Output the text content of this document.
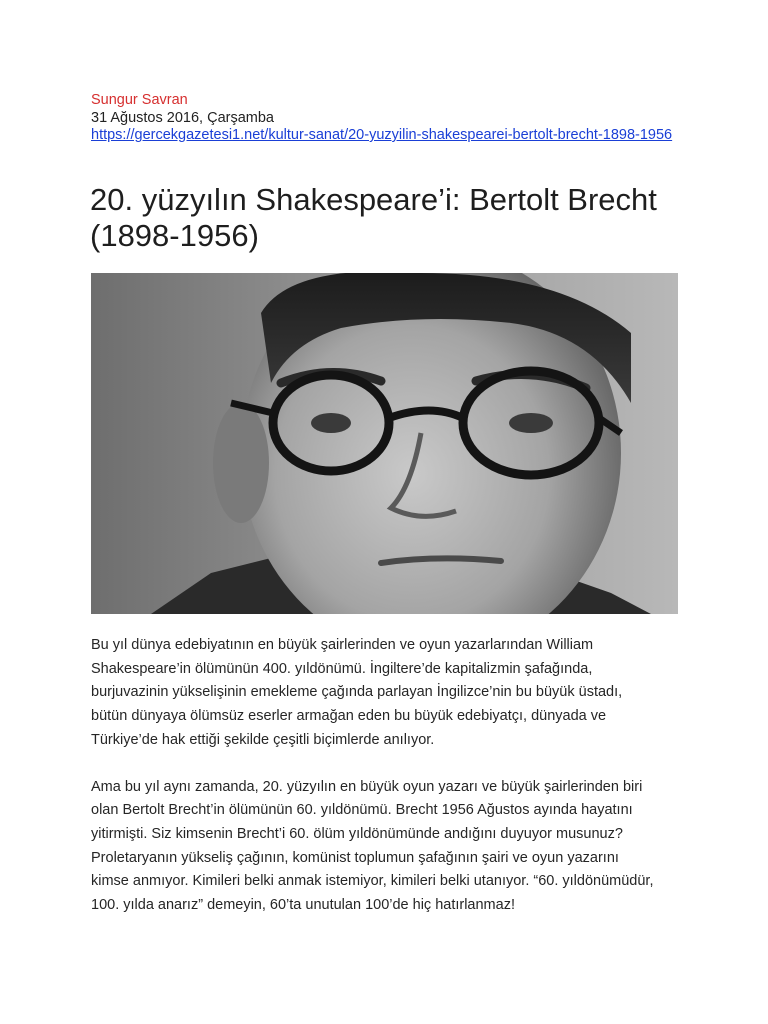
Sungur Savran
31 Ağustos 2016, Çarşamba
https://gercekgazetesi1.net/kultur-sanat/20-yuzyilin-shakespearei-bertolt-brecht-1898-1956
20. yüzyılın Shakespeare’i: Bertolt Brecht
(1898-1956)

Bu yıl dünya edebiyatının en büyük şairlerinden ve oyun yazarlarından William
Shakespeare’in ölümünün 400. yıldönümü. İngiltere’de kapitalizmin şafağında,
burjuvazinin yükselişinin emekleme çağında parlayan İngilizce’nin bu büyük üstadı,
bütün dünyaya ölümsüz eserler armağan eden bu büyük edebiyatçı, dünyada ve
Türkiye’de hak ettiği şekilde çeşitli biçimlerde anılıyor.

Ama bu yıl aynı zamanda, 20. yüzyılın en büyük oyun yazarı ve büyük şairlerinden biri
olan Bertolt Brecht’in ölümünün 60. yıldönümü. Brecht 1956 Ağustos ayında hayatını
yitirmişti. Siz kimsenin Brecht’i 60. ölüm yıldönümünde andığını duyuyor musunuz?
Proletaryanın yükseliş çağının, komünist toplumun şafağının şairi ve oyun yazarını
kimse anmıyor. Kimileri belki anmak istemiyor, kimileri belki utanıyor. “60. yıldönümüdür,
100. yılda anarız” demeyin, 60’ta unutulan 100’de hiç hatırlanmaz!
